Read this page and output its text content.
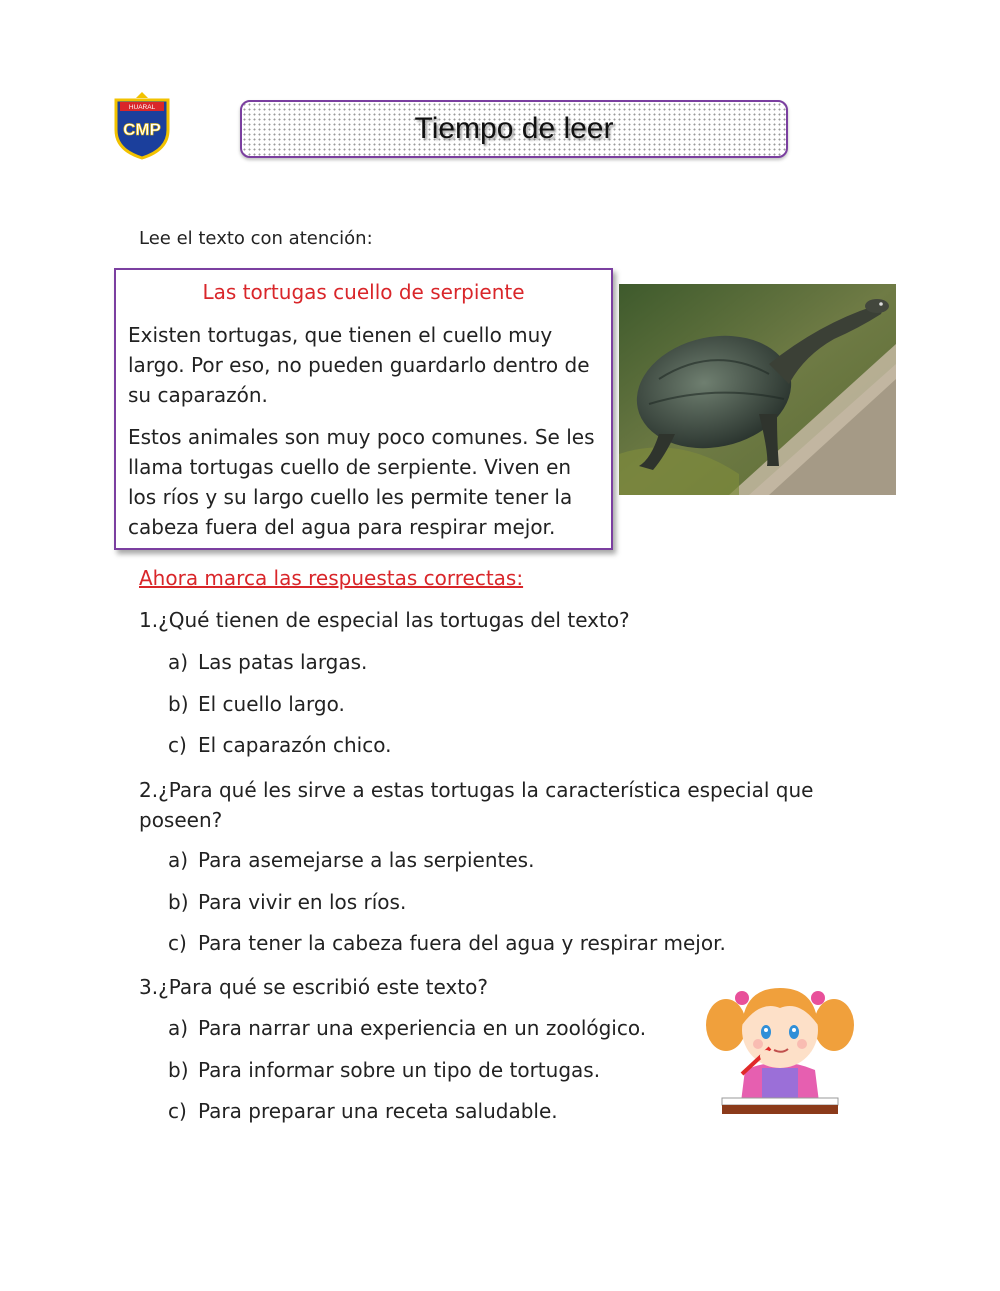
HUARAL
CMP	Tiempo de leer
Lee el texto con atención:
Las tortugas cuello de serpiente

Existen tortugas, que tienen el cuello muy largo. Por eso, no pueden guardarlo dentro de su caparazón.

Estos animales son muy poco comunes. Se les llama tortugas cuello de serpiente. Viven en los ríos y su largo cuello les permite tener la cabeza fuera del agua para respirar mejor.

Ahora marca las respuestas correctas:
1.¿Qué tienen de especial las tortugas del texto?
a) Las patas largas.
b) El cuello largo.
c) El caparazón chico.
2.¿Para qué les sirve a estas tortugas la característica especial que poseen?
a) Para asemejarse a las serpientes.
b) Para vivir en los ríos.
c) Para tener la cabeza fuera del agua y respirar mejor.
3.¿Para qué se escribió este texto?
a) Para narrar una experiencia en un zoológico.
b) Para informar sobre un tipo de tortugas.
c) Para preparar una receta saludable.
